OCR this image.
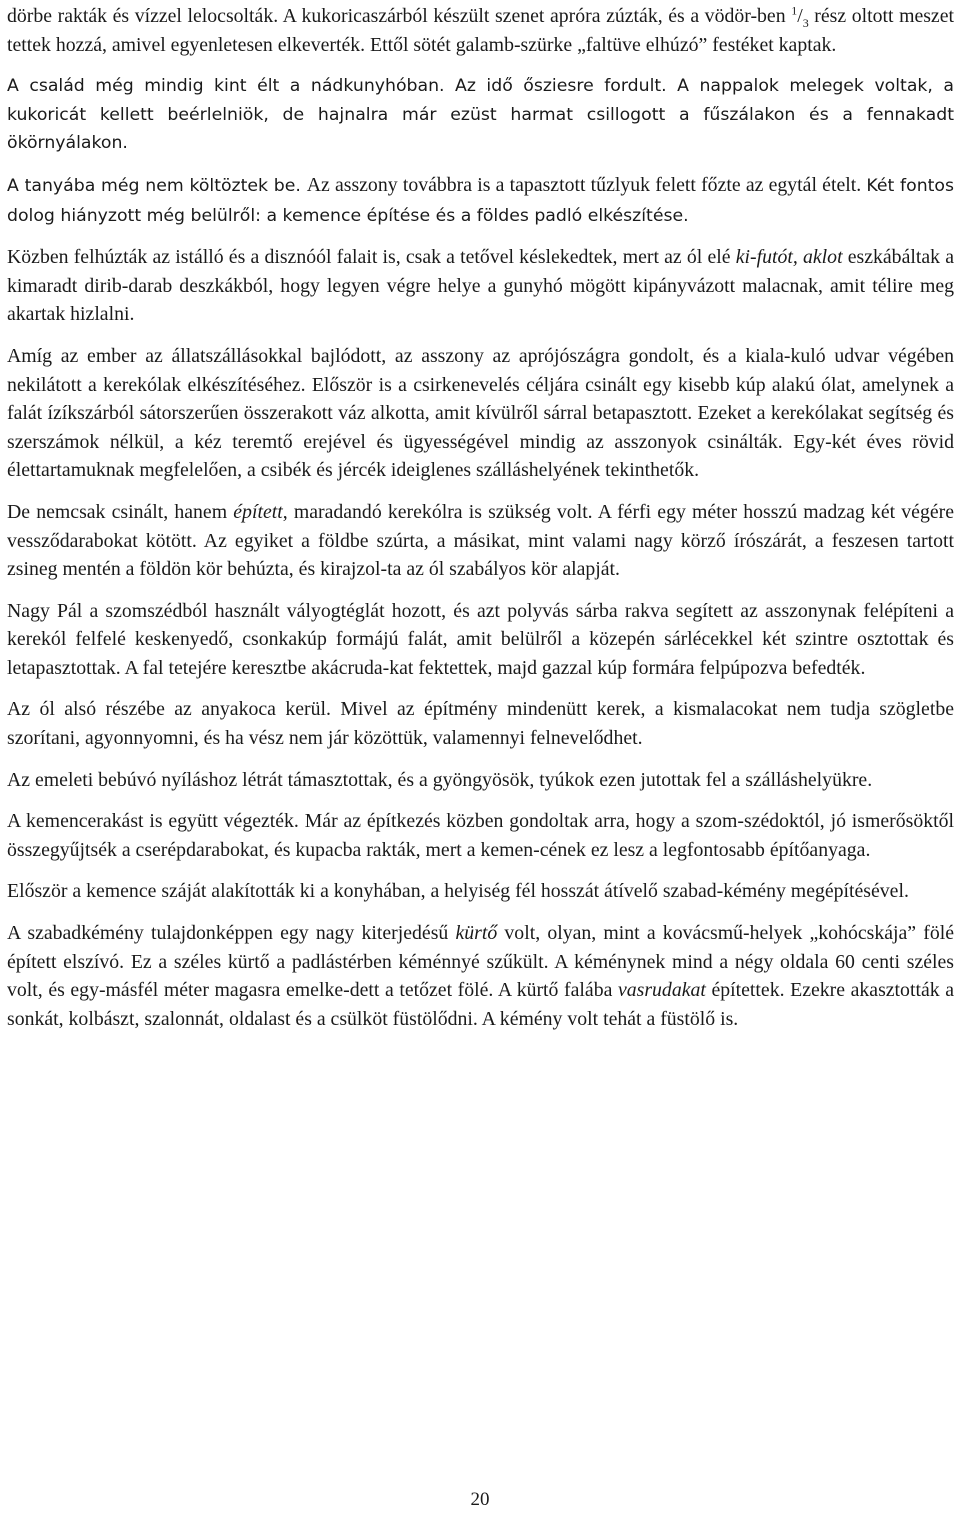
dörbe rakták és vízzel lelocsolták. A kukoricaszárból készült szenet apróra zúzták, és a vödör-ben $^1/_3$ rész oltott meszet tettek hozzá, amivel egyenletesen elkeverték. Ettől sötét galamb-szürke „faltüve elhúzó” festéket kaptak.

A család még mindig kint élt a nádkunyhóban. Az idő ősziesre fordult. A nappalok melegek voltak, a kukoricát kellett beérlelniök, de hajnalra már ezüst harmat csillogott a fűszálakon és a fennakadt ökörnyálakon.

A tanyába még nem költöztek be. Az asszony továbbra is a tapasztott tűzlyuk felett főzte az egytál ételt. Két fontos dolog hiányzott még belülről: a kemence építése és a földes padló elkészítése.

Közben felhúzták az istálló és a disznóól falait is, csak a tetővel késlekedtek, mert az ól elé ki-futót, aklot eszkábáltak a kimaradt dirib-darab deszkákból, hogy legyen végre helye a gunyhó mögött kipányvázott malacnak, amit télire meg akartak hizlalni.

Amíg az ember az állatszállásokkal bajlódott, az asszony az aprójószágra gondolt, és a kiala-kuló udvar végében nekilátott a kerekólak elkészítéséhez. Először is a csirkenevelés céljára csinált egy kisebb kúp alakú ólat, amelynek a falát ízíkszárból sátorszerűen összerakott váz alkotta, amit kívülről sárral betapasztott. Ezeket a kerekólakat segítség és szerszámok nélkül, a kéz teremtő erejével és ügyességével mindig az asszonyok csinálták. Egy-két éves rövid élettartamuknak megfelelően, a csibék és jércék ideiglenes szálláshelyének tekinthetők.

De nemcsak csinált, hanem épített, maradandó kerekólra is szükség volt. A férfi egy méter hosszú madzag két végére vessződarabokat kötött. Az egyiket a földbe szúrta, a másikat, mint valami nagy körző írószárát, a feszesen tartott zsineg mentén a földön kör behúzta, és kirajzol-ta az ól szabályos kör alapját.

Nagy Pál a szomszédból használt vályogtéglát hozott, és azt polyvás sárba rakva segített az asszonynak felépíteni a kerekól felfelé keskenyedő, csonkakúp formájú falát, amit belülről a közepén sárlécekkel két szintre osztottak és letapasztottak. A fal tetejére keresztbe akácruda-kat fektettek, majd gazzal kúp formára felpúpozva befedték.

Az ól alsó részébe az anyakoca kerül. Mivel az építmény mindenütt kerek, a kismalacokat nem tudja szögletbe szorítani, agyonnyomni, és ha vész nem jár közöttük, valamennyi felnevelődhet.

Az emeleti bebúvó nyíláshoz létrát támasztottak, és a gyöngyösök, tyúkok ezen jutottak fel a szálláshelyükre.

A kemencerakást is együtt végezték. Már az építkezés közben gondoltak arra, hogy a szom-szédoktól, jó ismerősöktől összegyűjtsék a cserépdarabokat, és kupacba rakták, mert a kemen-cének ez lesz a legfontosabb építőanyaga.

Először a kemence száját alakították ki a konyhában, a helyiség fél hosszát átívelő szabad-kémény megépítésével.

A szabadkémény tulajdonképpen egy nagy kiterjedésű kürtő volt, olyan, mint a kovácsmű-helyek „kohócskája” fölé épített elszívó. Ez a széles kürtő a padlástérben kéménnyé szűkült. A kéménynek mind a négy oldala 60 centi széles volt, és egy-másfél méter magasra emelke-dett a tetőzet fölé. A kürtő falába vasrudakat építettek. Ezekre akasztották a sonkát, kolbászt, szalonnát, oldalast és a csülköt füstölődni. A kémény volt tehát a füstölő is.

20
